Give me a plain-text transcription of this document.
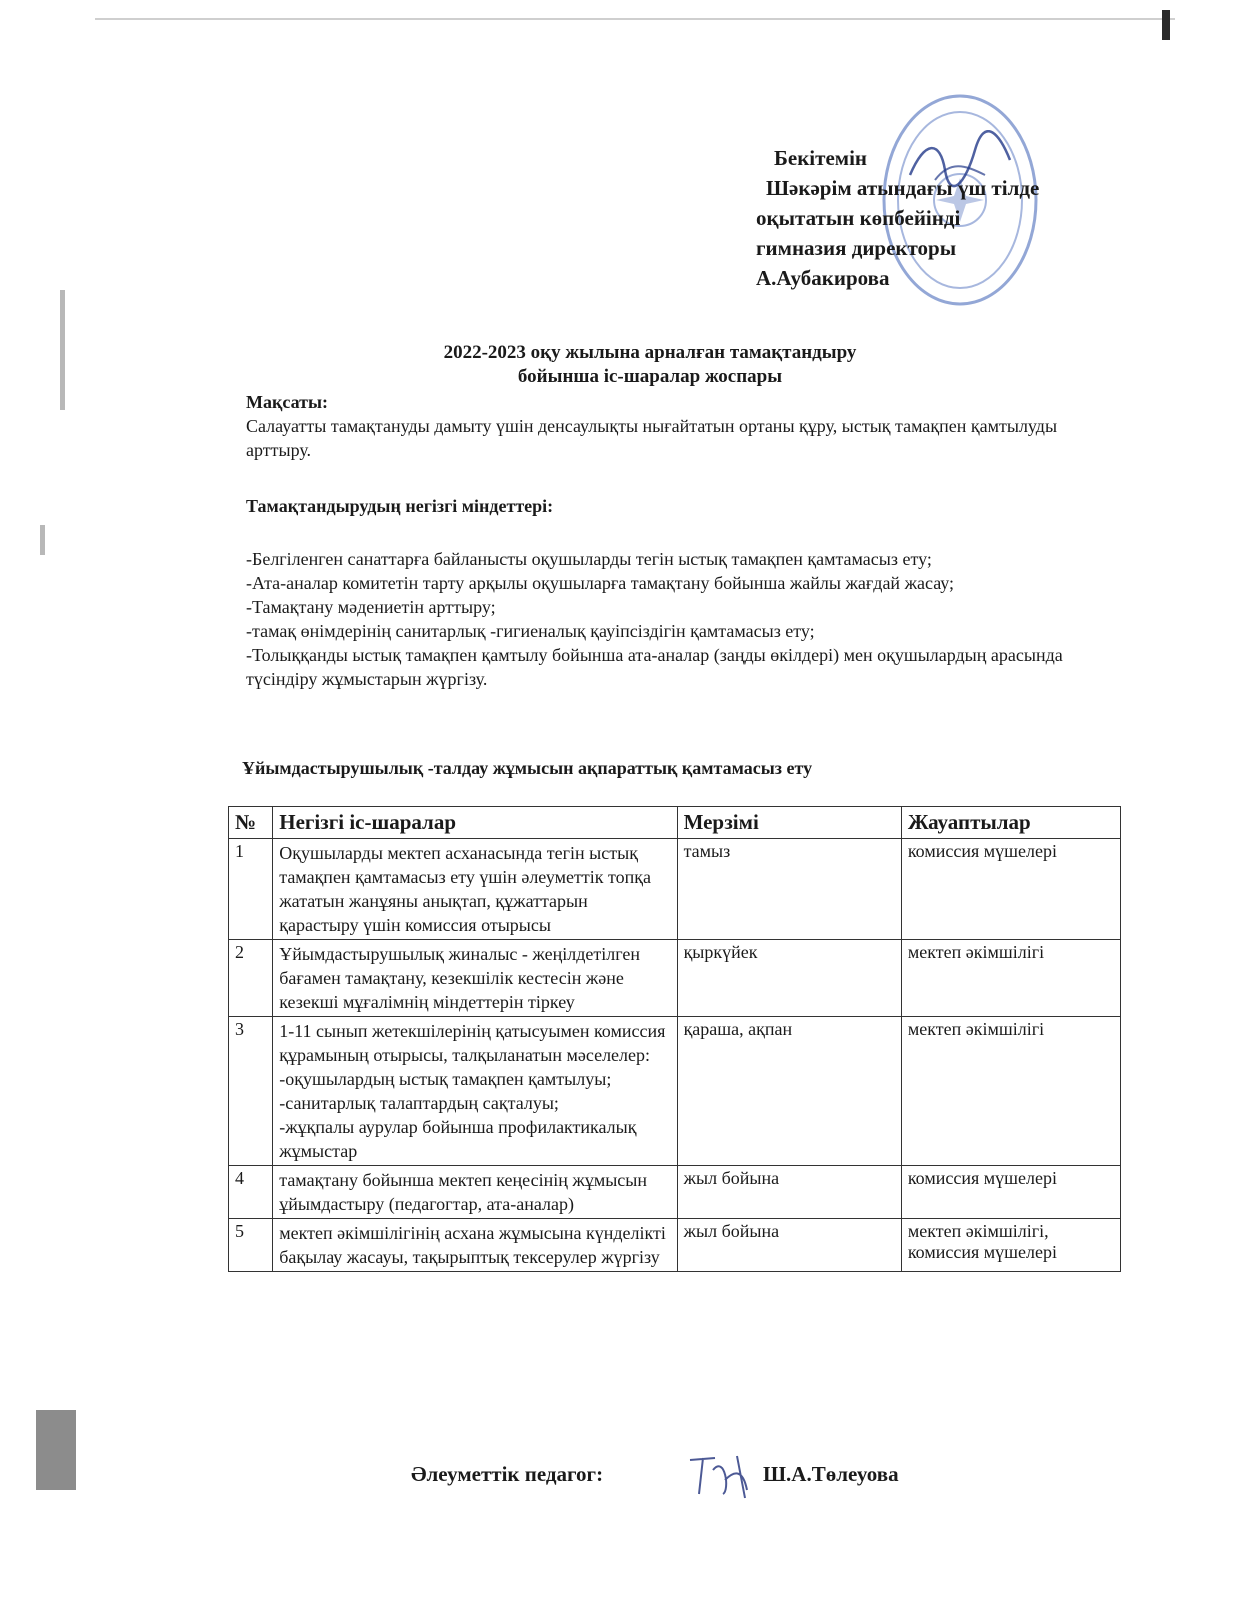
Бекітемін
Шәкәрім атындағы үш тілде
оқытатын көпбейінді
гимназия директоры
А.Аубакирова
2022-2023 оқу жылына арналған тамақтандыру
бойынша іс-шаралар жоспары
Мақсаты:
Салауатты тамақтануды дамыту үшін денсаулықты нығайтатын ортаны құру, ыстық тамақпен қамтылуды арттыру.
Тамақтандырудың негізгі міндеттері:
-Белгіленген санаттарға байланысты оқушыларды тегін ыстық тамақпен қамтамасыз ету;
-Ата-аналар комитетін тарту арқылы оқушыларға тамақтану бойынша жайлы жағдай жасау;
-Тамақтану мәдениетін арттыру;
-тамақ өнімдерінің санитарлық -гигиеналық қауіпсіздігін қамтамасыз ету;
-Толыққанды ыстық тамақпен қамтылу бойынша ата-аналар (заңды өкілдері) мен оқушылардың арасында түсіндіру жұмыстарын жүргізу.
Ұйымдастырушылық -талдау жұмысын ақпараттық қамтамасыз ету
№	Негізгі іс-шаралар	Мерзімі	Жауаптылар
1	Оқушыларды мектеп асханасында тегін ыстық тамақпен қамтамасыз ету үшін әлеуметтік топқа жататын жанұяны анықтап, құжаттарын қарастыру үшін комиссия отырысы	тамыз	комиссия мүшелері
2	Ұйымдастырушылық жиналыс - жеңілдетілген бағамен тамақтану, кезекшілік кестесін және кезекші мұғалімнің міндеттерін тіркеу	қыркүйек	мектеп әкімшілігі
3	1-11 сынып жетекшілерінің қатысуымен комиссия құрамының отырысы, талқыланатын мәселелер:
-оқушылардың ыстық тамақпен қамтылуы;
-санитарлық талаптардың сақталуы;
-жұқпалы аурулар бойынша профилактикалық жұмыстар	қараша, ақпан	мектеп әкімшілігі
4	тамақтану бойынша мектеп кеңесінің жұмысын ұйымдастыру (педагогтар, ата-аналар)	жыл бойына	комиссия мүшелері
5	мектеп әкімшілігінің асхана жұмысына күнделікті бақылау жасауы, тақырыптық тексерулер жүргізу	жыл бойына	мектеп әкімшілігі, комиссия мүшелері
Әлеуметтік педагог:	Ш.А.Төлеуова
